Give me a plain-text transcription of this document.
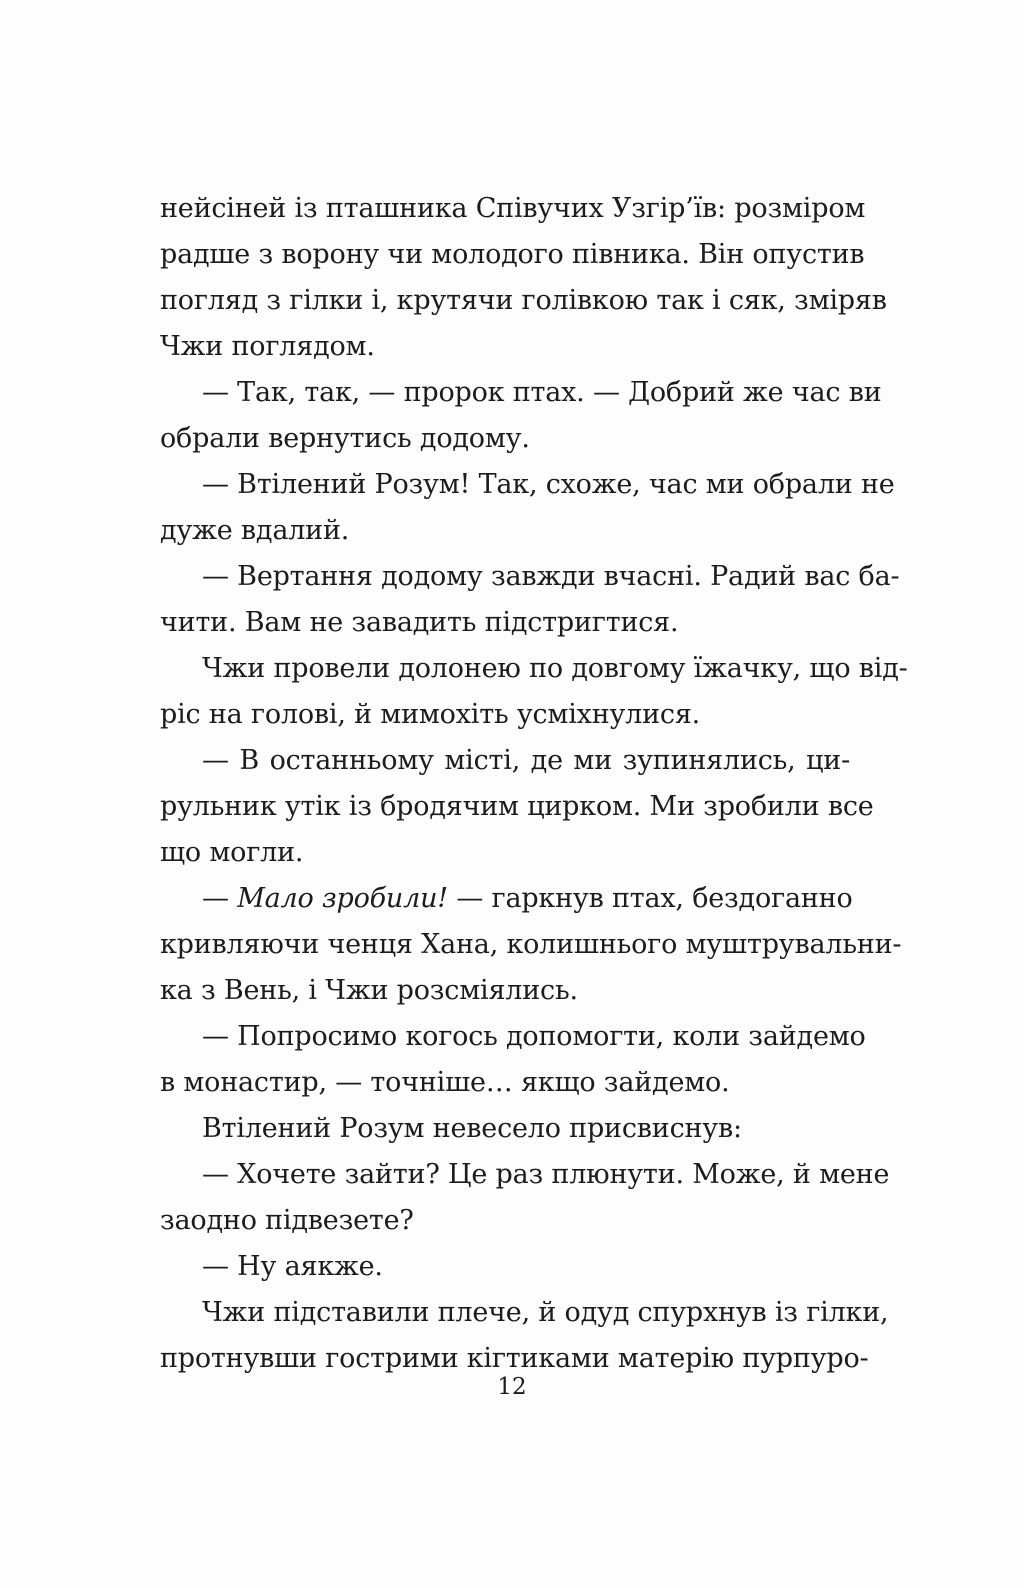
нейсіней із пташника Співучих Узгір’їв: розміром
радше з ворону чи молодого півника. Він опустив
погляд з гілки і, крутячи голівкою так і сяк, зміряв
Чжи поглядом.
— Так, так, — пророк птах. — Добрий же час ви
обрали вернутись додому.
— Втілений Розум! Так, схоже, час ми обрали не
дуже вдалий.
— Вертання додому завжди вчасні. Радий вас ба-
чити. Вам не завадить підстригтися.
Чжи провели долонею по довгому їжачку, що від-
ріс на голові, й мимохіть усміхнулися.
— В останньому місті, де ми зупинялись, ци-
рульник утік із бродячим цирком. Ми зробили все
що могли.
— Мало зробили! — гаркнув птах, бездоганно
кривляючи ченця Хана, колишнього муштрувальни-
ка з Вень, і Чжи розсміялись.
— Попросимо когось допомогти, коли зайдемо
в монастир, — точніше… якщо зайдемо.
Втілений Розум невесело присвиснув:
— Хочете зайти? Це раз плюнути. Може, й мене
заодно підвезете?
— Ну аякже.
Чжи підставили плече, й одуд спурхнув із гілки,
протнувши гострими кігтиками матерію пурпуро-
12
